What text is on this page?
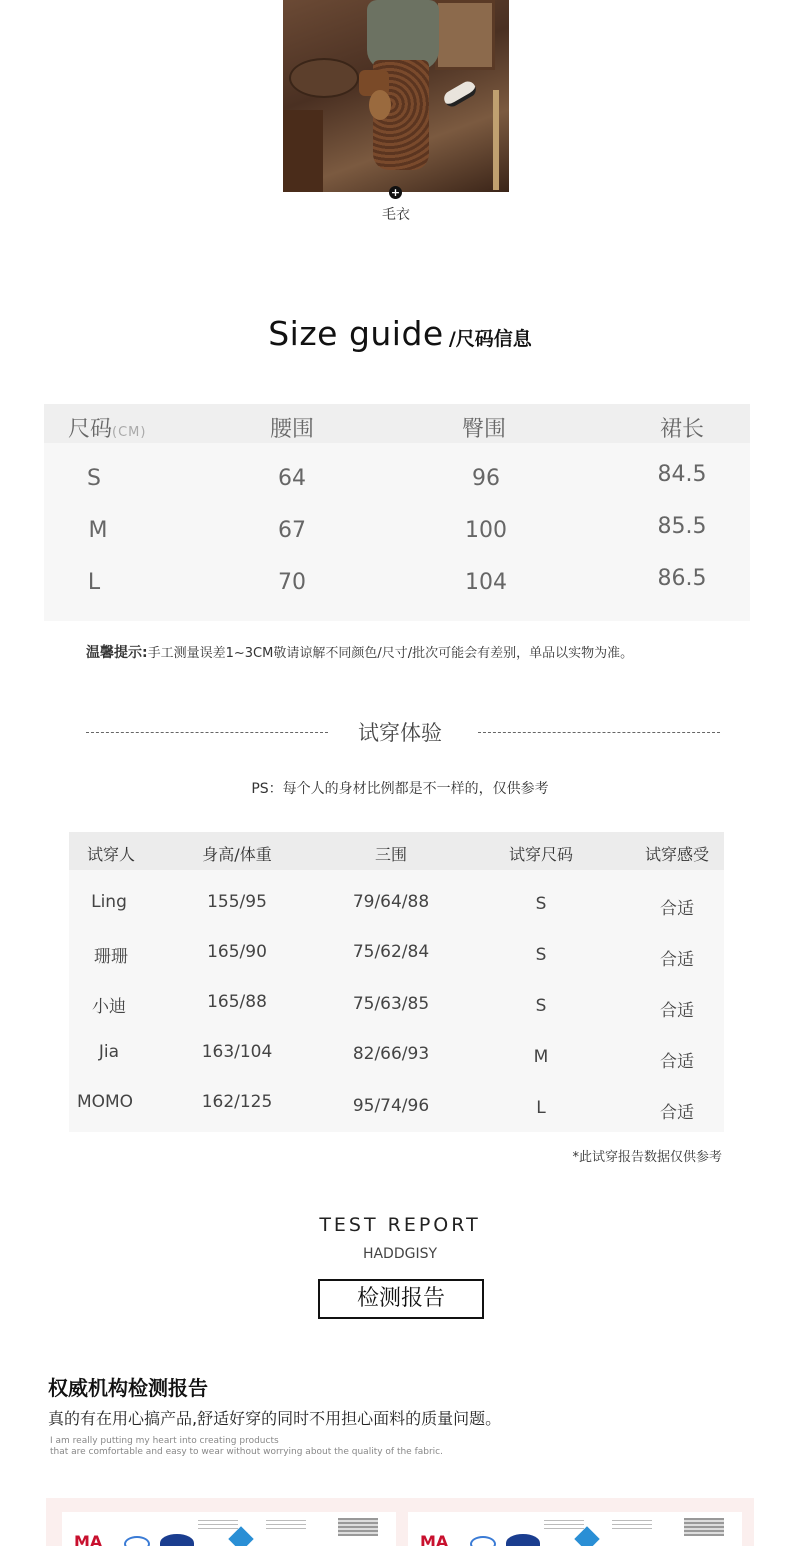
+
毛衣
Size guide /尺码信息
尺码(CM)	腰围	臀围	裙长
S	64	96	84.5
M	67	100	85.5
L	70	104	86.5
温馨提示:手工测量误差1~3CM敬请谅解不同颜色/尺寸/批次可能会有差别，单品以实物为准。
试穿体验
PS：每个人的身材比例都是不一样的，仅供参考
试穿人	身高/体重	三围	试穿尺码	试穿感受
Ling	155/95	79/64/88	S	合适
珊珊	165/90	75/62/84	S	合适
小迪	165/88	75/63/85	S	合适
Jia	163/104	82/66/93	M	合适
MOMO	162/125	95/74/96	L	合适
*此试穿报告数据仅供参考
TEST REPORT
HADDGISY
检测报告
权威机构检测报告
真的有在用心搞产品,舒适好穿的同时不用担心面料的质量问题。
I am really putting my heart into creating products
that are comfortable and easy to wear without worrying about the quality of the fabric.
MA	MA
